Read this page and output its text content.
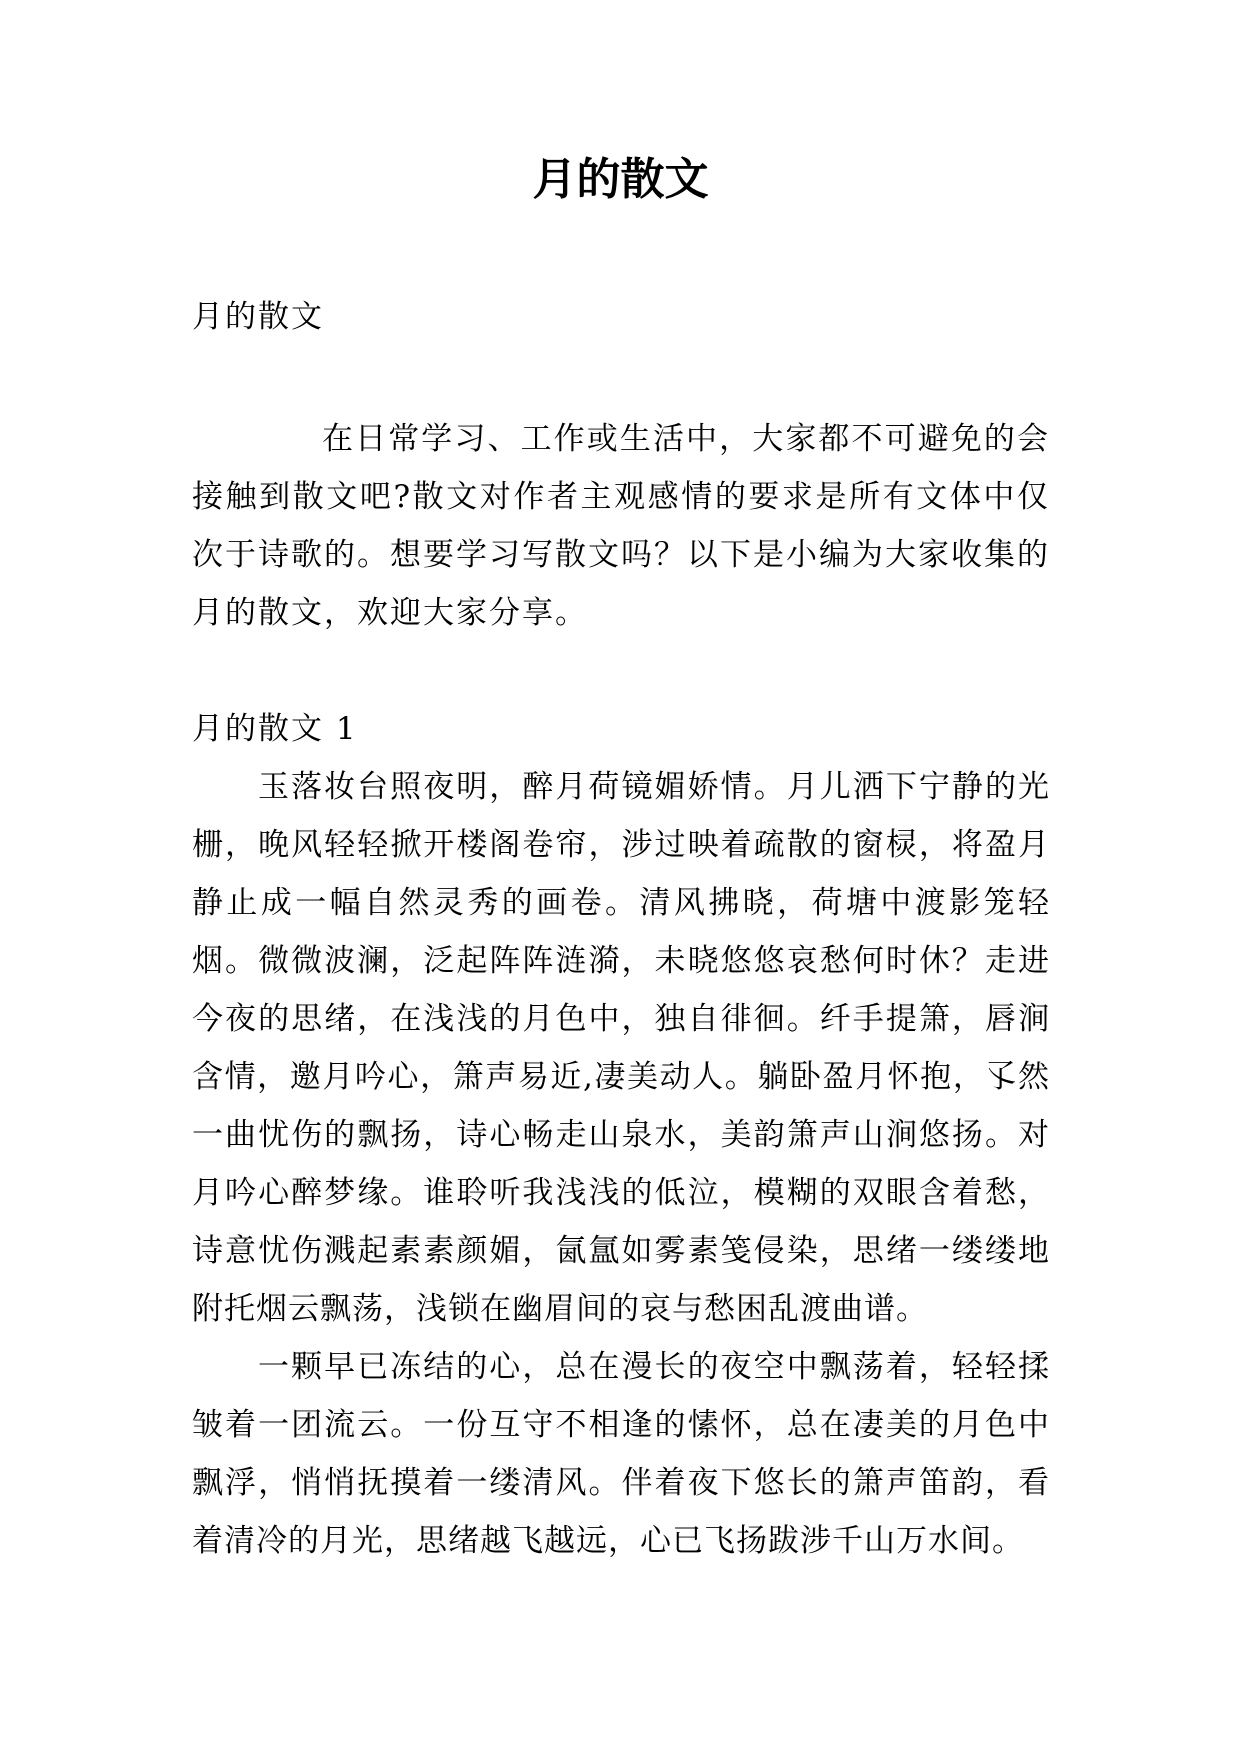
月的散文

月的散文

在日常学习、工作或生活中，大家都不可避免的会接触到散文吧?散文对作者主观感情的要求是所有文体中仅次于诗歌的。想要学习写散文吗？以下是小编为大家收集的月的散文，欢迎大家分享。

月的散文 1

玉落妆台照夜明，醉月荷镜媚娇情。月儿洒下宁静的光栅，晚风轻轻掀开楼阁卷帘，涉过映着疏散的窗棂，将盈月静止成一幅自然灵秀的画卷。清风拂晓，荷塘中渡影笼轻烟。微微波澜，泛起阵阵涟漪，未晓悠悠哀愁何时休？走进今夜的思绪，在浅浅的月色中，独自徘徊。纤手提箫，唇涧含情，邀月吟心，箫声易近,凄美动人。躺卧盈月怀抱，孓然一曲忧伤的飘扬，诗心畅走山泉水，美韵箫声山涧悠扬。对月吟心醉梦缘。谁聆听我浅浅的低泣，模糊的双眼含着愁，诗意忧伤溅起素素颜媚，氤氲如雾素笺侵染，思绪一缕缕地附托烟云飘荡，浅锁在幽眉间的哀与愁困乱渡曲谱。

一颗早已冻结的心，总在漫长的夜空中飘荡着，轻轻揉皱着一团流云。一份互守不相逢的愫怀，总在凄美的月色中飘浮，悄悄抚摸着一缕清风。伴着夜下悠长的箫声笛韵，看着清冷的月光，思绪越飞越远，心已飞扬跋涉千山万水间。
